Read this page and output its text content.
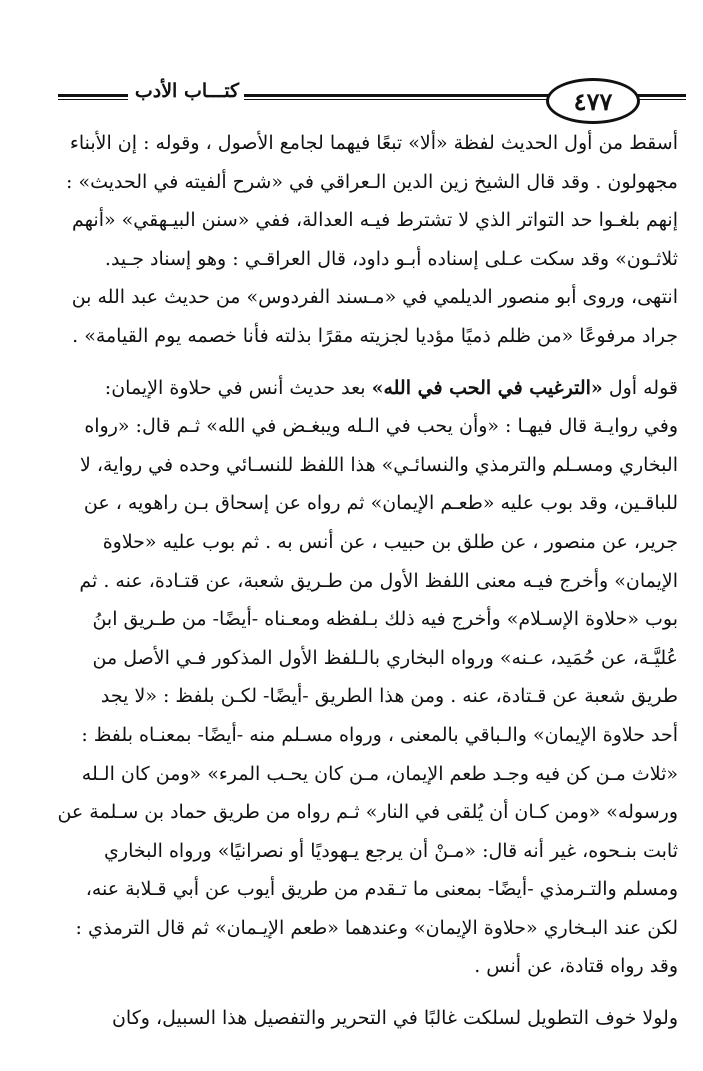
٤٧٧
كتـــاب الأدب
أسقط من أول الحديث لفظة «ألا» تبعًا فيهما لجامع الأصول ، وقوله : إن الأبناء
مجهولون . وقد قال الشيخ زين الدين الـعراقي في «شرح ألفيته في الحديث» :
إنهم بلغـوا حد التواتر الذي لا تشترط فيـه العدالة، ففي «سنن البيـهقي» «أنهم
ثلاثـون» وقد سكت عـلى إسناده أبـو داود، قال العراقـي : وهو إسناد جـيد.
انتهى، وروى أبو منصور الديلمي في «مـسند الفردوس» من حديث عبد الله بن
جراد مرفوعًا «من ظلم ذميًا مؤديا لجزيته مقرًا بذلته فأنا خصمه يوم القيامة» .
قوله أول «الترغيب في الحب في الله» بعد حديث أنس في حلاوة الإيمان:
وفي روايـة قال فيهـا : «وأن يحب في الـله ويبغـض في الله» ثـم قال: «رواه
البخاري ومسـلم والترمذي والنسائـي» هذا اللفظ للنسـائي وحده في رواية، لا
للباقـين، وقد بوب عليه «طعـم الإيمان» ثم رواه عن إسحاق بـن راهويه ، عن
جرير، عن منصور ، عن طلق بن حبيب ، عن أنس به . ثم بوب عليه «حلاوة
الإيمان» وأخرج فيـه معنى اللفظ الأول من طـريق شعبة، عن قتـادة، عنه . ثم
بوب «حلاوة الإسـلام» وأخرج فيه ذلك بـلفظه ومعـناه -أيضًا- من طـريق ابنُ
عُليَّـة، عن حُمَيد، عـنه» ورواه البخاري بالـلفظ الأول المذكور فـي الأصل من
طريق شعبة عن قـتادة، عنه . ومن هذا الطريق -أيضًا- لكـن بلفظ : «لا يجد
أحد حلاوة الإيمان» والـباقي بالمعنى ، ورواه مسـلم منه -أيضًا- بمعنـاه بلفظ :
«ثلاث مـن كن فيه وجـد طعم الإيمان، مـن كان يحـب المرء» «ومن كان الـله
ورسوله» «ومن كـان أن يُلقى في النار» ثـم رواه من طريق حماد بن سـلمة عن
ثابت بنـحوه، غير أنه قال: «مـنْ أن يرجع يـهوديًا أو نصرانيًا» ورواه البخاري
ومسلم والتـرمذي -أيضًا- بمعنى ما تـقدم من طريق أيوب عن أبي قـلابة عنه،
لكن عند البـخاري «حلاوة الإيمان» وعندهما «طعم الإيـمان» ثم قال الترمذي :
وقد رواه قتادة، عن أنس .
ولولا خوف التطويل لسلكت غالبًا في التحرير والتفصيل هذا السبيل، وكان
